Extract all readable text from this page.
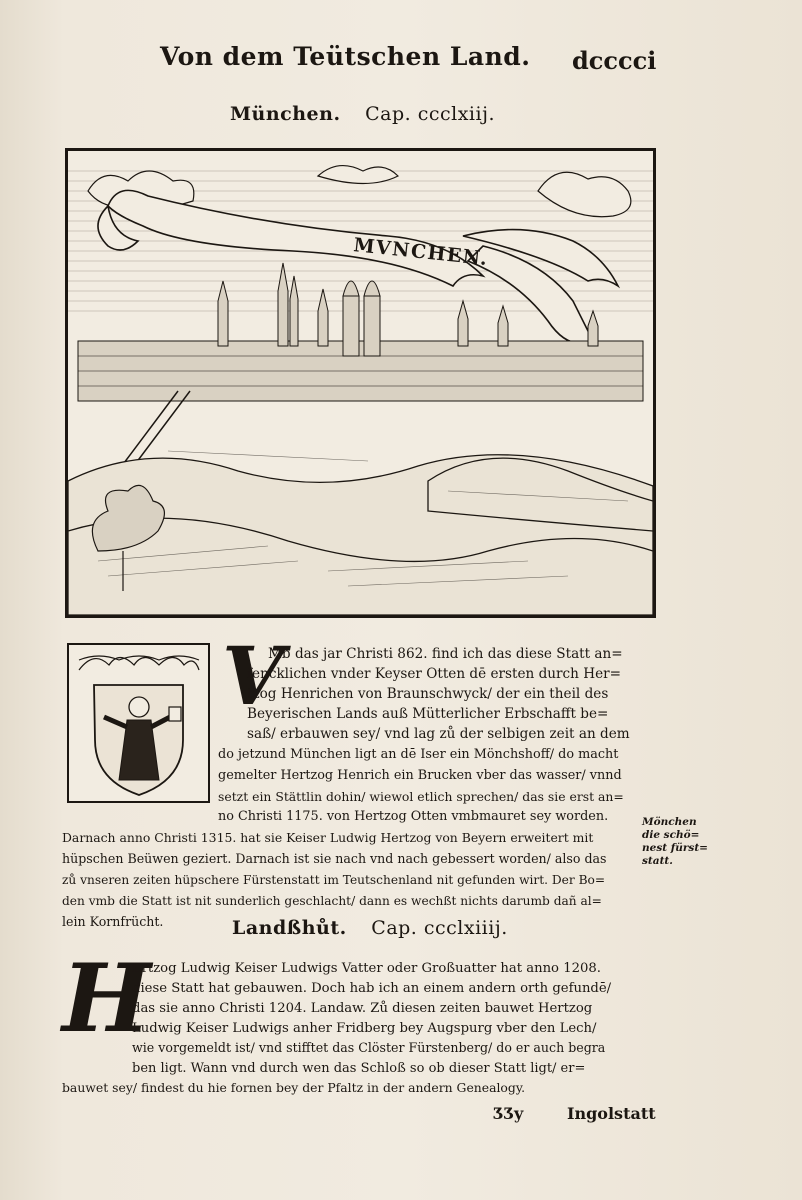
Von dem Teütschen Land. dcccci
München. Cap. ccclxiij.
MVNCHEN.
V
Mb das jar Christi 862. find ich das diese Statt an=
fencklichen vnder Keyser Otten dē ersten durch Her=
tzog Henrichen von Braunschwyck/ der ein theil des
Beyerischen Lands auß Mütterlicher Erbschafft be=
saß/ erbauwen sey/ vnd lag zů der selbigen zeit an dem
do jetzund München ligt an dē Iser ein Mönchshoff/ do macht
gemelter Hertzog Henrich ein Brucken vber das wasser/ vnnd
setzt ein Stättlin dohin/ wiewol etlich sprechen/ das sie erst an=
no Christi 1175. von Hertzog Otten vmbmauret sey worden.
Darnach anno Christi 1315. hat sie Keiser Ludwig Hertzog von Beyern erweitert mit
hüpschen Beüwen geziert. Darnach ist sie nach vnd nach gebessert worden/ also das
zů vnseren zeiten hüpschere Fürstenstatt im Teutschenland nit gefunden wirt. Der Bo=
den vmb die Statt ist nit sunderlich geschlacht/ dann es wechßt nichts darumb dañ al=
lein Kornfrücht.
Mönchen
die schö=
nest fürst=
statt.
Landßhůt. Cap. ccclxiiij.
H
Ertzog Ludwig Keiser Ludwigs Vatter oder Großuatter hat anno 1208.
diese Statt hat gebauwen. Doch hab ich an einem andern orth gefundē/
das sie anno Christi 1204. Landaw. Zů diesen zeiten bauwet Hertzog
Ludwig Keiser Ludwigs anher Fridberg bey Augspurg vber den Lech/
wie vorgemeldt ist/ vnd stifftet das Clöster Fürstenberg/ do er auch begra
ben ligt. Wann vnd durch wen das Schloß so ob dieser Statt ligt/ er=
bauwet sey/ findest du hie fornen bey der Pfaltz in der andern Genealogy.
ƷƷy	Ingolstatt
